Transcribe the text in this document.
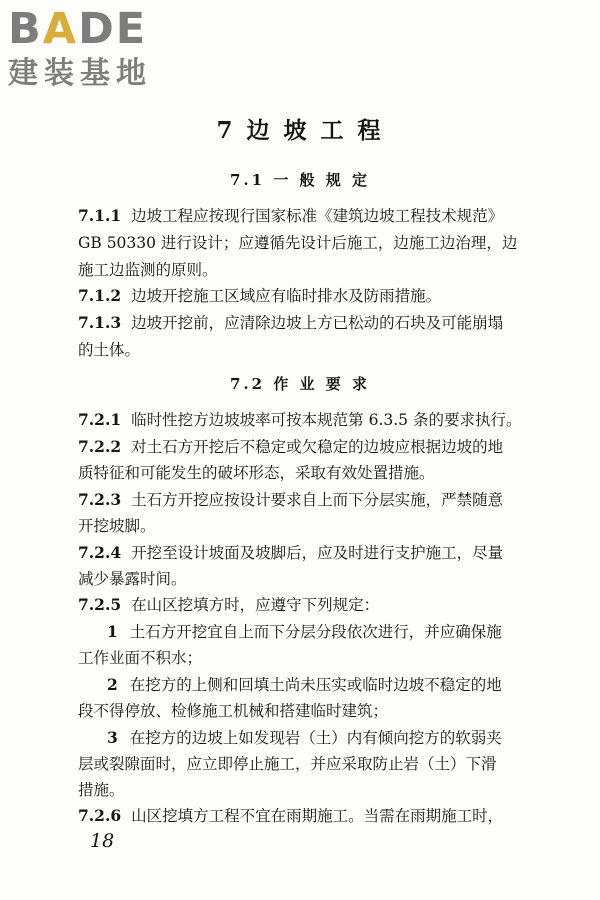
BADE
建装基地
7 边 坡 工 程
7.1 一 般 规 定
7.1.1 边坡工程应按现行国家标准《建筑边坡工程技术规范》
GB 50330 进行设计；应遵循先设计后施工，边施工边治理，边
施工边监测的原则。
7.1.2 边坡开挖施工区域应有临时排水及防雨措施。
7.1.3 边坡开挖前，应清除边坡上方已松动的石块及可能崩塌
的土体。
7.2 作 业 要 求
7.2.1 临时性挖方边坡坡率可按本规范第 6.3.5 条的要求执行。
7.2.2 对土石方开挖后不稳定或欠稳定的边坡应根据边坡的地
质特征和可能发生的破坏形态，采取有效处置措施。
7.2.3 土石方开挖应按设计要求自上而下分层实施，严禁随意
开挖坡脚。
7.2.4 开挖至设计坡面及坡脚后，应及时进行支护施工，尽量
减少暴露时间。
7.2.5 在山区挖填方时，应遵守下列规定：
1 土石方开挖宜自上而下分层分段依次进行，并应确保施
工作业面不积水；
2 在挖方的上侧和回填土尚未压实或临时边坡不稳定的地
段不得停放、检修施工机械和搭建临时建筑；
3 在挖方的边坡上如发现岩（土）内有倾向挖方的软弱夹
层或裂隙面时，应立即停止施工，并应采取防止岩（土）下滑
措施。
7.2.6 山区挖填方工程不宜在雨期施工。当需在雨期施工时，
18
